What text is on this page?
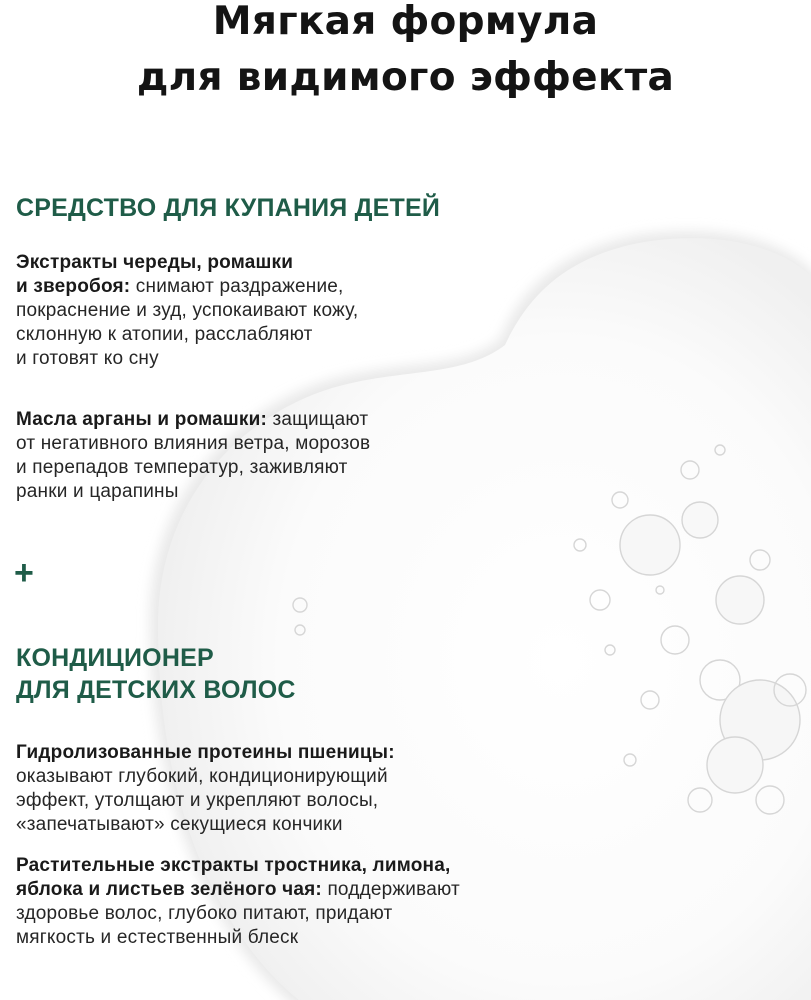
Мягкая формула
для видимого эффекта
СРЕДСТВО ДЛЯ КУПАНИЯ ДЕТЕЙ
Экстракты череды, ромашки
и зверобоя: снимают раздражение,
покраснение и зуд, успокаивают кожу,
склонную к атопии, расслабляют
и готовят ко сну
Масла арганы и ромашки: защищают
от негативного влияния ветра, морозов
и перепадов температур, заживляют
ранки и царапины
+
КОНДИЦИОНЕР
ДЛЯ ДЕТСКИХ ВОЛОС
Гидролизованные протеины пшеницы:
оказывают глубокий, кондиционирующий
эффект, утолщают и укрепляют волосы,
«запечатывают» секущиеся кончики
Растительные экстракты тростника, лимона,
яблока и листьев зелёного чая: поддерживают
здоровье волос, глубоко питают, придают
мягкость и естественный блеск
